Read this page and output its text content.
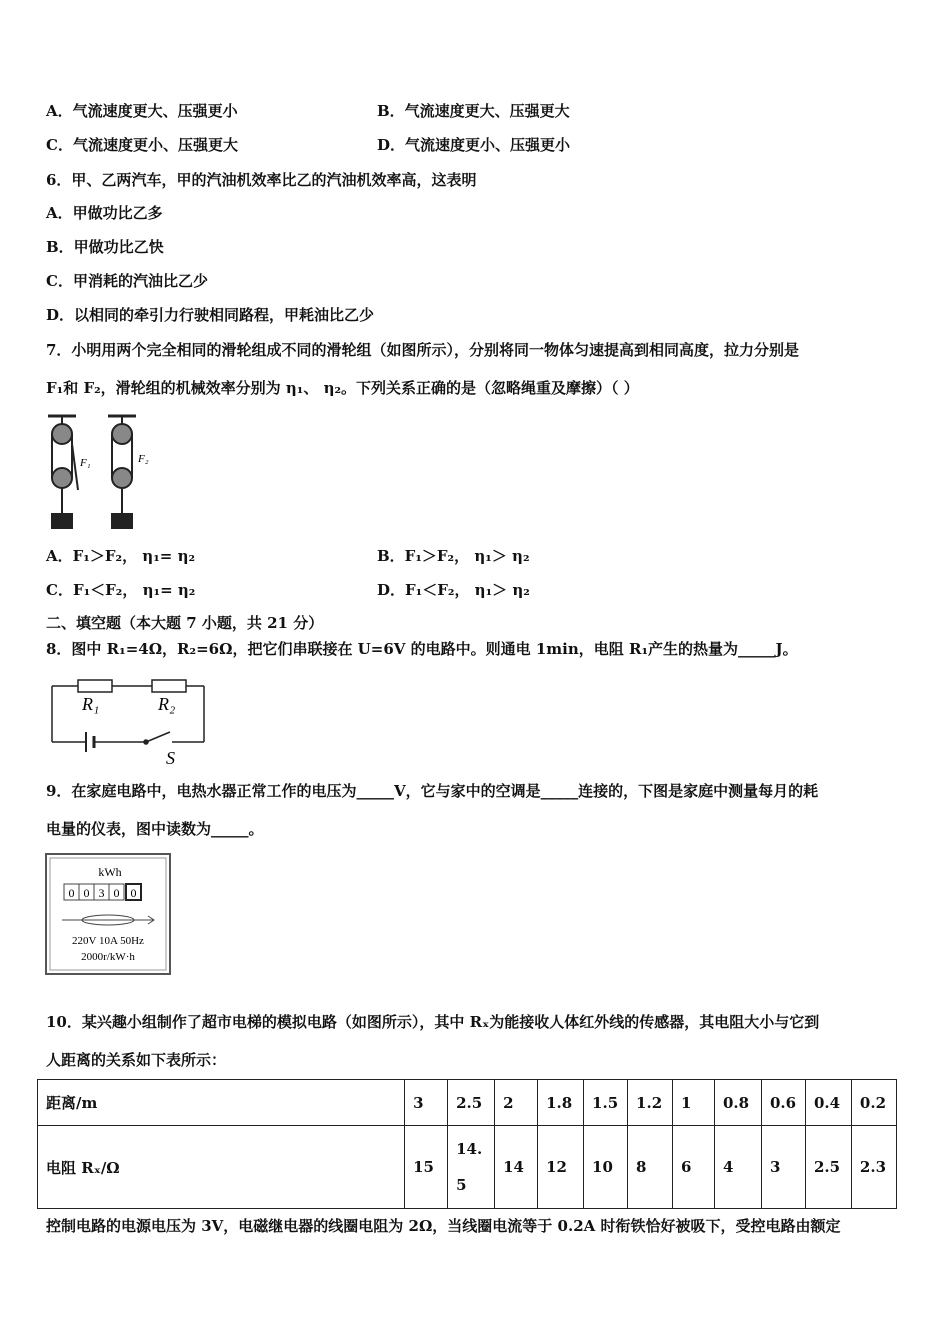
A．气流速度更大、压强更小	B．气流速度更大、压强更大
C．气流速度更小、压强更大	D．气流速度更小、压强更小
6．甲、乙两汽车，甲的汽油机效率比乙的汽油机效率高，这表明
A．甲做功比乙多
B．甲做功比乙快
C．甲消耗的汽油比乙少
D．以相同的牵引力行驶相同路程，甲耗油比乙少
7．小明用两个完全相同的滑轮组成不同的滑轮组（如图所示），分别将同一物体匀速提高到相同高度，拉力分别是
F₁和 F₂，滑轮组的机械效率分别为 η₁、 η₂。下列关系正确的是（忽略绳重及摩擦）（ ）
F₁	F₂
A．F₁＞F₂， η₁= η₂	B．F₁＞F₂， η₁＞ η₂
C．F₁＜F₂， η₁= η₂	D．F₁＜F₂， η₁＞ η₂
二、填空题（本大题 7 小题，共 21 分）
8．图中 R₁=4Ω，R₂=6Ω，把它们串联接在 U=6V 的电路中。则通电 1min，电阻 R₁产生的热量为_____J。
R₁	R₂
S
9．在家庭电路中，电热水器正常工作的电压为_____V，它与家中的空调是_____连接的，下图是家庭中测量每月的耗
电量的仪表，图中读数为_____。
kWh
0 0 3 0 0
220V 10A 50Hz
2000r/kW·h
10．某兴趣小组制作了超市电梯的模拟电路（如图所示），其中 Rₓ为能接收人体红外线的传感器，其电阻大小与它到
人距离的关系如下表所示：
距离/m	3	2.5	2	1.8	1.5	1.2	1	0.8	0.6	0.4	0.2
电阻 Rₓ/Ω	15	14.5	14	12	10	8	6	4	3	2.5	2.3
控制电路的电源电压为 3V，电磁继电器的线圈电阻为 2Ω，当线圈电流等于 0.2A 时衔铁恰好被吸下，受控电路由额定
